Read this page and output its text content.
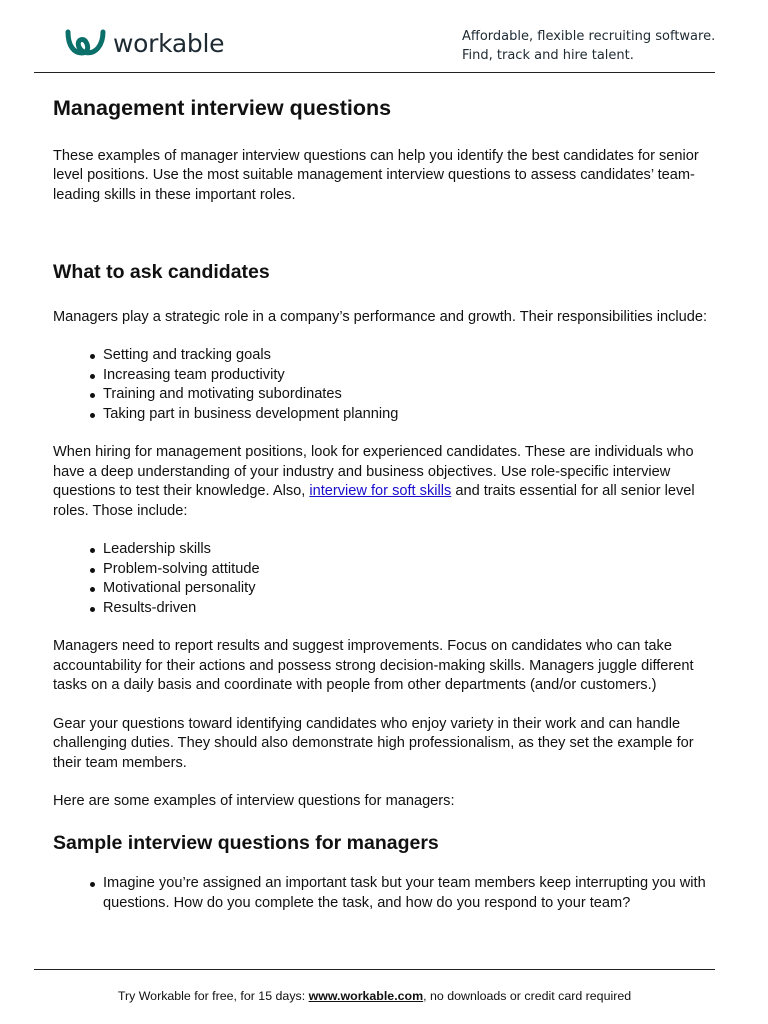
workable	Affordable, flexible recruiting software.
Find, track and hire talent.
Management interview questions

These examples of manager interview questions can help you identify the best candidates for senior level positions. Use the most suitable management interview questions to assess candidates’ team-leading skills in these important roles.

What to ask candidates

Managers play a strategic role in a company’s performance and growth. Their responsibilities include:

Setting and tracking goals
Increasing team productivity
Training and motivating subordinates
Taking part in business development planning

When hiring for management positions, look for experienced candidates. These are individuals who have a deep understanding of your industry and business objectives. Use role-specific interview questions to test their knowledge. Also, interview for soft skills and traits essential for all senior level roles. Those include:

Leadership skills
Problem-solving attitude
Motivational personality
Results-driven

Managers need to report results and suggest improvements. Focus on candidates who can take accountability for their actions and possess strong decision-making skills. Managers juggle different tasks on a daily basis and coordinate with people from other departments (and/or customers.)

Gear your questions toward identifying candidates who enjoy variety in their work and can handle challenging duties. They should also demonstrate high professionalism, as they set the example for their team members.

Here are some examples of interview questions for managers:

Sample interview questions for managers
Imagine you’re assigned an important task but your team members keep interrupting you with questions. How do you complete the task, and how do you respond to your team?
Try Workable for free, for 15 days: www.workable.com, no downloads or credit card required
